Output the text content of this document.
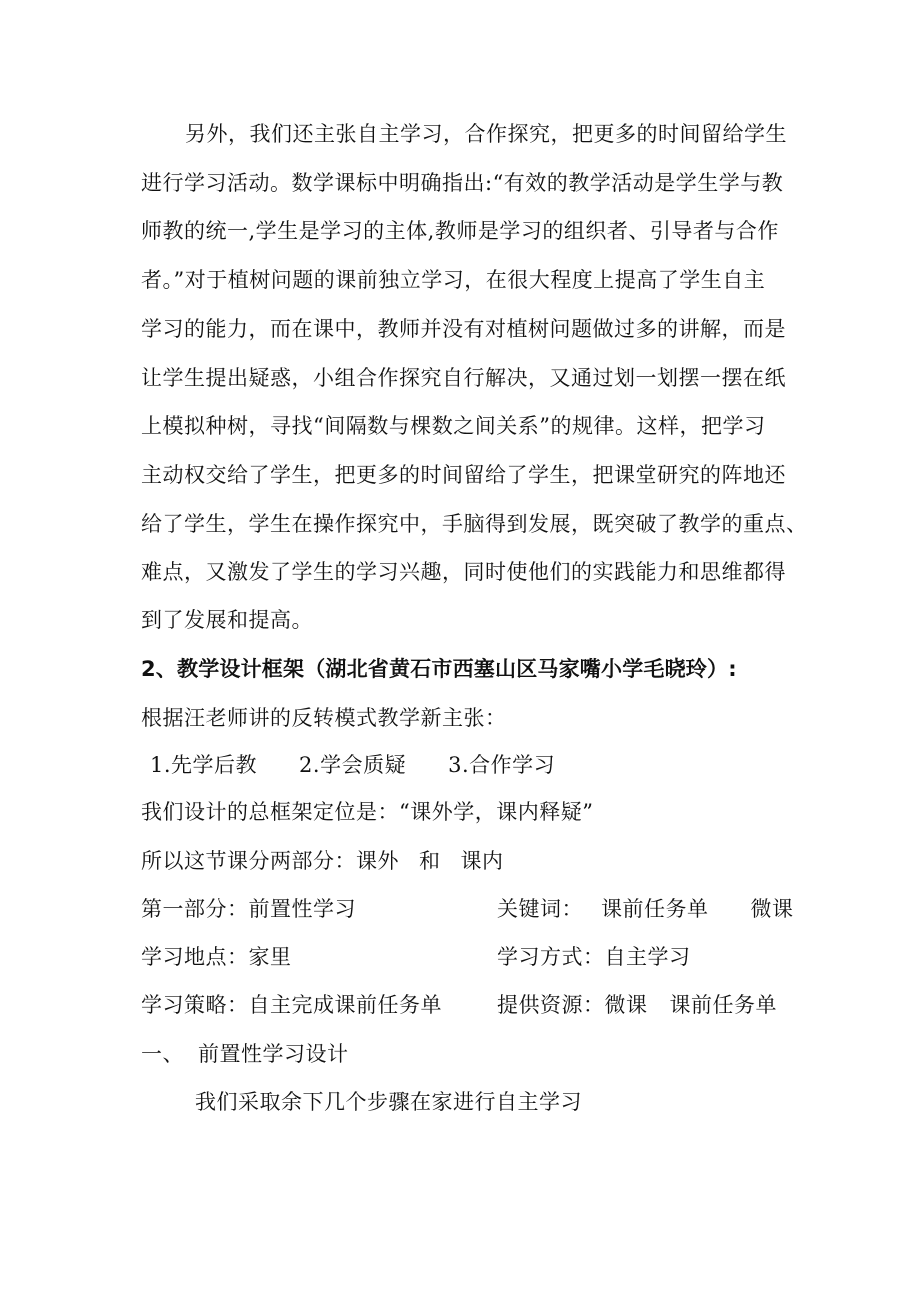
另外，我们还主张自主学习，合作探究，把更多的时间留给学生
进行学习活动。数学课标中明确指出:“有效的教学活动是学生学与教
师教的统一,学生是学习的主体,教师是学习的组织者、引导者与合作
者。”对于植树问题的课前独立学习，在很大程度上提高了学生自主
学习的能力，而在课中，教师并没有对植树问题做过多的讲解，而是
让学生提出疑惑，小组合作探究自行解决，又通过划一划摆一摆在纸
上模拟种树，寻找“间隔数与棵数之间关系”的规律。这样，把学习
主动权交给了学生，把更多的时间留给了学生，把课堂研究的阵地还
给了学生，学生在操作探究中，手脑得到发展，既突破了教学的重点、
难点，又激发了学生的学习兴趣，同时使他们的实践能力和思维都得
到了发展和提高。
2、教学设计框架（湖北省黄石市西塞山区马家嘴小学毛晓玲）:
根据汪老师讲的反转模式教学新主张：
1.先学后教 2.学会质疑 3.合作学习
我们设计的总框架定位是：“课外学，课内释疑”
所以这节课分两部分：课外 和 课内
第一部分：前置性学习	关键词： 课前任务单 微课
学习地点：家里	学习方式：自主学习
学习策略：自主完成课前任务单	提供资源：微课 课前任务单
一、 前置性学习设计
我们采取余下几个步骤在家进行自主学习
